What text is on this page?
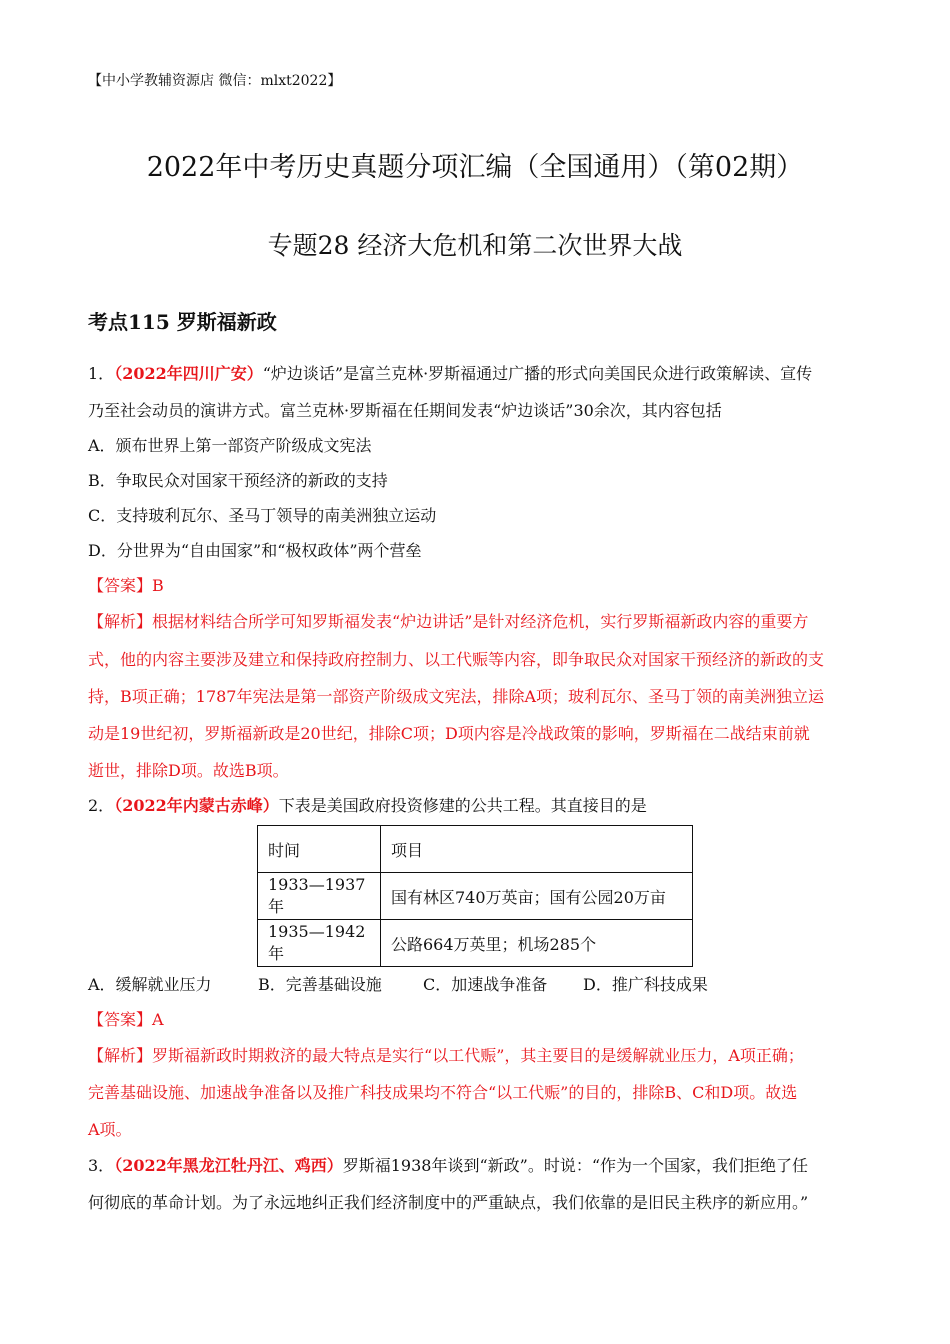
【中小学教辅资源店 微信：mlxt2022】
2022年中考历史真题分项汇编（全国通用）（第02期）
专题28 经济大危机和第二次世界大战
考点115 罗斯福新政
1．（2022年四川广安）“炉边谈话”是富兰克林·罗斯福通过广播的形式向美国民众进行政策解读、宣传
乃至社会动员的演讲方式。富兰克林·罗斯福在任期间发表“炉边谈话”30余次，其内容包括
A．颁布世界上第一部资产阶级成文宪法
B．争取民众对国家干预经济的新政的支持
C．支持玻利瓦尔、圣马丁领导的南美洲独立运动
D．分世界为“自由国家”和“极权政体”两个营垒
【答案】B
【解析】根据材料结合所学可知罗斯福发表“炉边讲话”是针对经济危机，实行罗斯福新政内容的重要方
式，他的内容主要涉及建立和保持政府控制力、以工代赈等内容，即争取民众对国家干预经济的新政的支
持，B项正确；1787年宪法是第一部资产阶级成文宪法，排除A项；玻利瓦尔、圣马丁领的南美洲独立运
动是19世纪初，罗斯福新政是20世纪，排除C项；D项内容是冷战政策的影响，罗斯福在二战结束前就
逝世，排除D项。故选B项。
2．（2022年内蒙古赤峰）下表是美国政府投资修建的公共工程。其直接目的是
时间	项目
1933—1937年	国有林区740万英亩；国有公园20万亩
1935—1942年	公路664万英里；机场285个
A．缓解就业压力	B．完善基础设施	C．加速战争准备 D．推广科技成果
【答案】A
【解析】罗斯福新政时期救济的最大特点是实行“以工代赈”，其主要目的是缓解就业压力，A项正确；
完善基础设施、加速战争准备以及推广科技成果均不符合“以工代赈”的目的，排除B、C和D项。故选
A项。
3．（2022年黑龙江牡丹江、鸡西）罗斯福1938年谈到“新政”。时说：“作为一个国家，我们拒绝了任
何彻底的革命计划。为了永远地纠正我们经济制度中的严重缺点，我们依靠的是旧民主秩序的新应用。”
